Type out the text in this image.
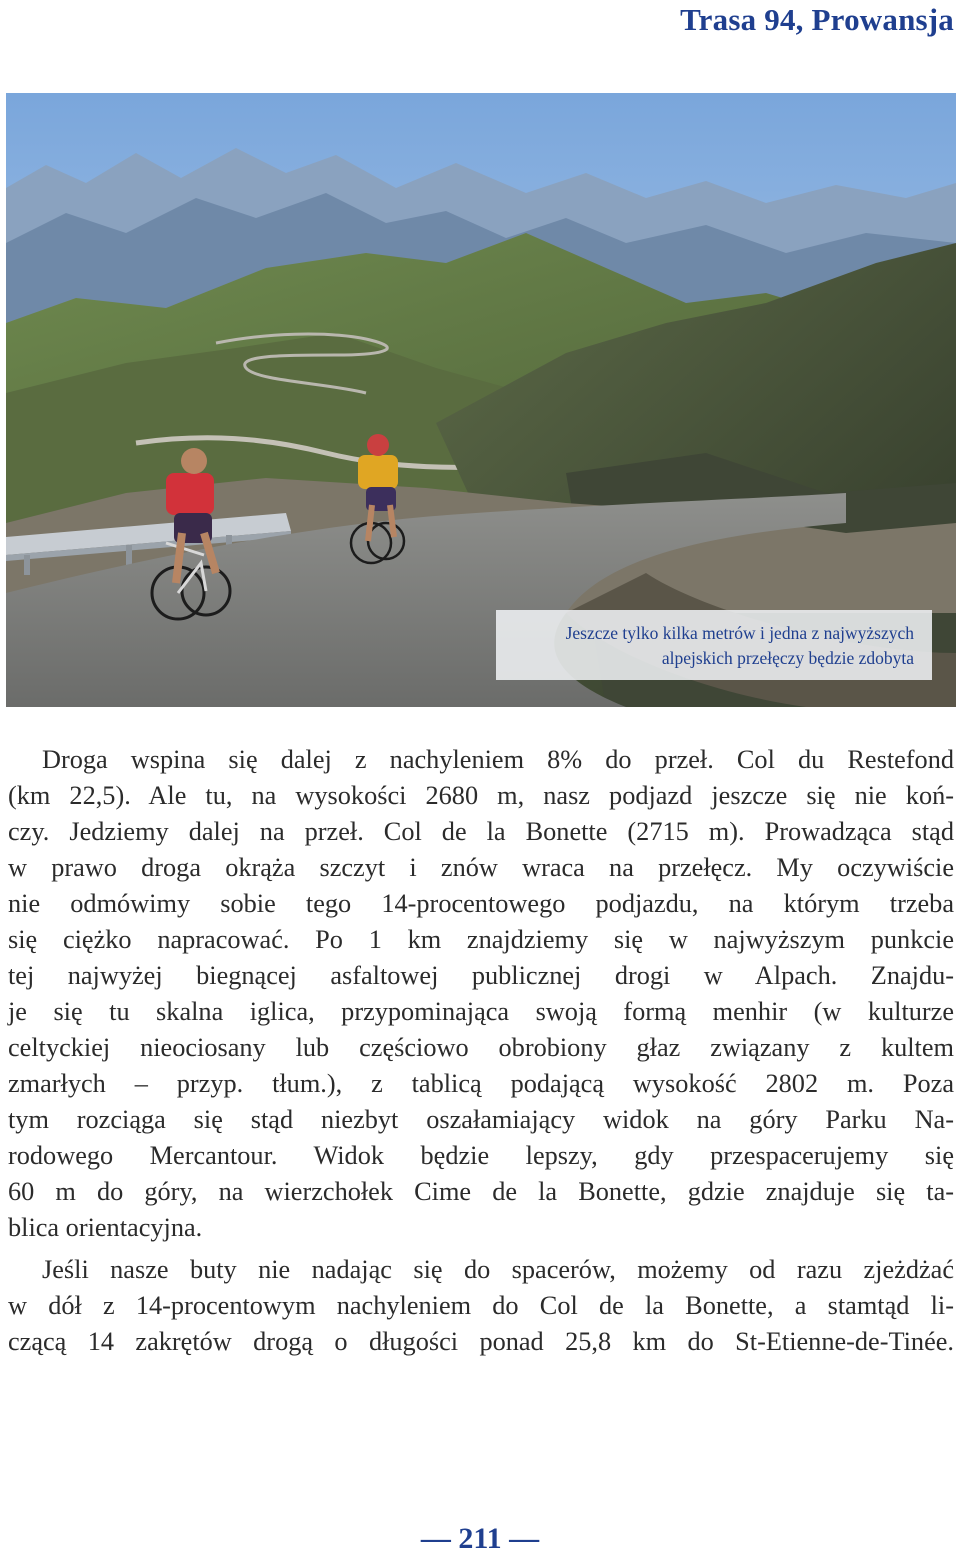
Trasa 94, Prowansja
Jeszcze tylko kilka metrów i jedna z najwyższych
alpejskich przełęczy będzie zdobyta
Droga wspina się dalej z nachyleniem 8% do przeł. Col du Restefond
(km 22,5). Ale tu, na wysokości 2680 m, nasz podjazd jeszcze się nie koń-
czy. Jedziemy dalej na przeł. Col de la Bonette (2715 m). Prowadząca stąd
w prawo droga okrąża szczyt i znów wraca na przełęcz. My oczywiście
nie odmówimy sobie tego 14-procentowego podjazdu, na którym trzeba
się ciężko napracować. Po 1 km znajdziemy się w najwyższym punkcie
tej najwyżej biegnącej asfaltowej publicznej drogi w Alpach. Znajdu-
je się tu skalna iglica, przypominająca swoją formą menhir (w kulturze
celtyckiej nieociosany lub częściowo obrobiony głaz związany z kultem
zmarłych – przyp. tłum.), z tablicą podającą wysokość 2802 m. Poza
tym rozciąga się stąd niezbyt oszałamiający widok na góry Parku Na-
rodowego Mercantour. Widok będzie lepszy, gdy przespacerujemy się
60 m do góry, na wierzchołek Cime de la Bonette, gdzie znajduje się ta-
blica orientacyjna.
Jeśli nasze buty nie nadając się do spacerów, możemy od razu zjeżdżać
w dół z 14-procentowym nachyleniem do Col de la Bonette, a stamtąd li-
czącą 14 zakrętów drogą o długości ponad 25,8 km do St-Etienne-de-Tinée.
— 211 —
